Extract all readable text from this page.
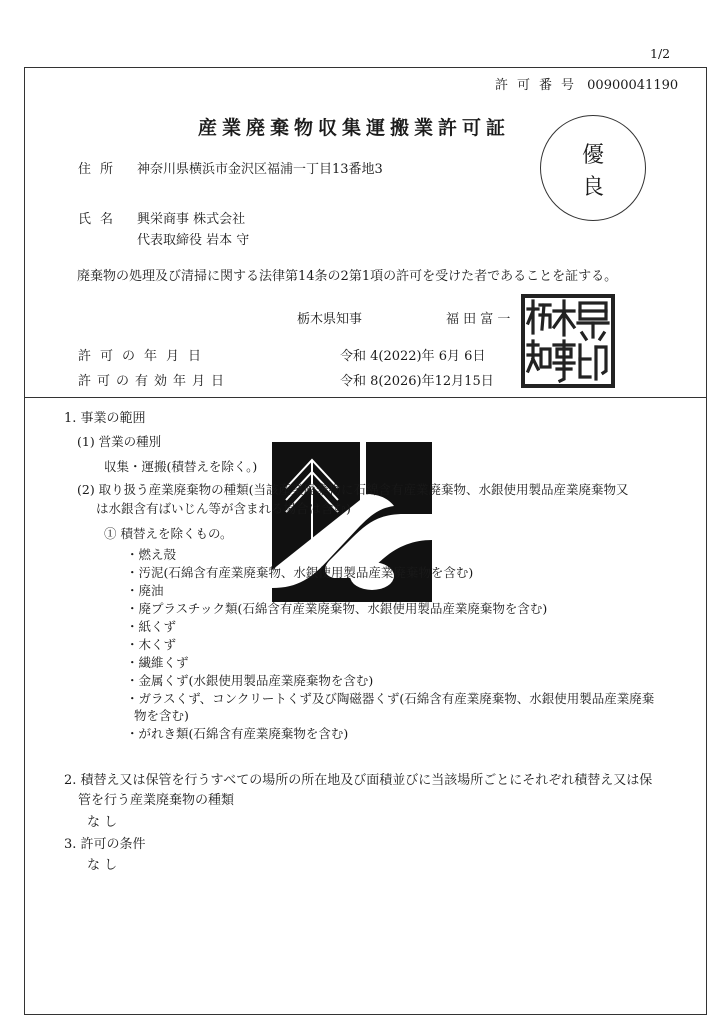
1/2
許可番号 00900041190
産業廃棄物収集運搬業許可証
優
良
住所 神奈川県横浜市金沢区福浦一丁目13番地3
氏名 興栄商事 株式会社
代表取締役 岩本 守
廃棄物の処理及び清掃に関する法律第14条の2第1項の許可を受けた者であることを証する。
栃木県知事	福 田 富 一
許可の年月日	令和 4(2022)年 6月 6日
許可の有効年月日	令和 8(2026)年12月15日
1. 事業の範囲
(1) 営業の種別
収集・運搬(積替えを除く。)
(2) 取り扱う産業廃棄物の種類(当該産業廃棄物に石綿含有産業廃棄物、水銀使用製品産業廃棄物又
は水銀含有ばいじん等が含まれる場合は含む)
① 積替えを除くもの。
・燃え殻
・汚泥(石綿含有産業廃棄物、水銀使用製品産業廃棄物を含む)
・廃油
・廃プラスチック類(石綿含有産業廃棄物、水銀使用製品産業廃棄物を含む)
・紙くず
・木くず
・繊維くず
・金属くず(水銀使用製品産業廃棄物を含む)
・ガラスくず、コンクリートくず及び陶磁器くず(石綿含有産業廃棄物、水銀使用製品産業廃棄
物を含む)
・がれき類(石綿含有産業廃棄物を含む)
2. 積替え又は保管を行うすべての場所の所在地及び面積並びに当該場所ごとにそれぞれ積替え又は保
管を行う産業廃棄物の種類
な し
3. 許可の条件
な し
